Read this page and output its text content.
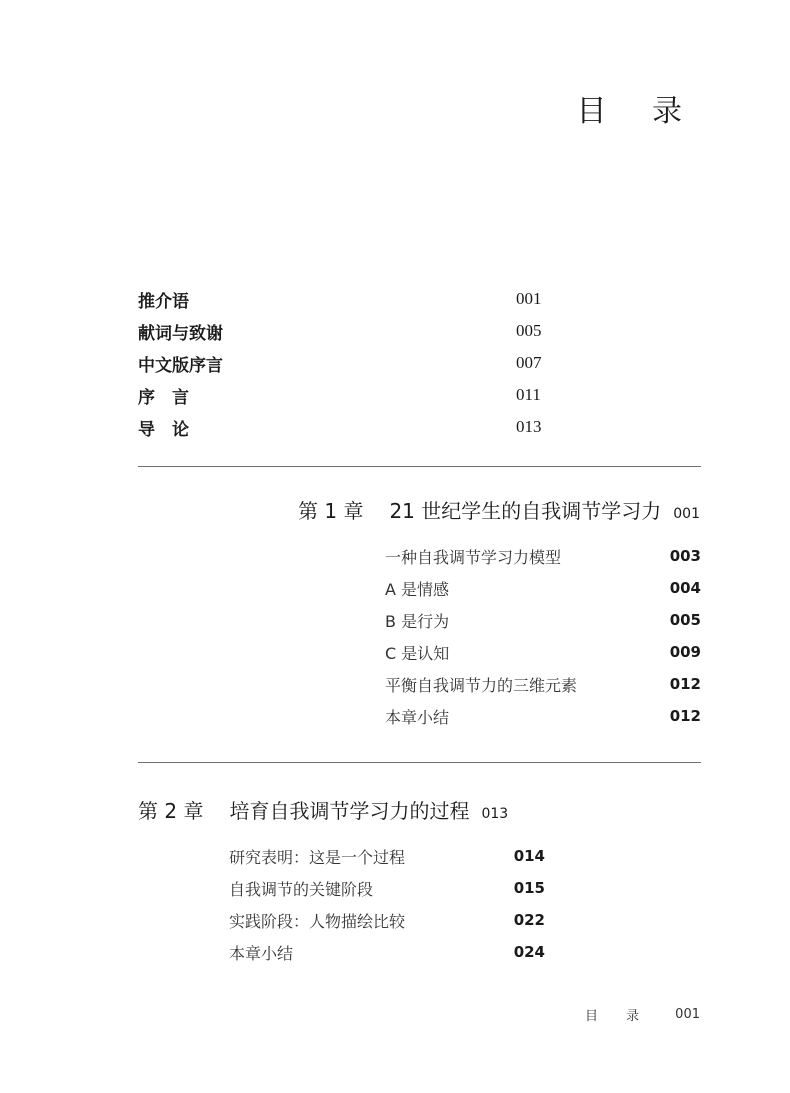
目 录
推介语	001
献词与致谢	005
中文版序言	007
序　言	011
导　论	013
第 1 章 21 世纪学生的自我调节学习力 001
一种自我调节学习力模型	003
A 是情感	004
B 是行为	005
C 是认知	009
平衡自我调节力的三维元素	012
本章小结	012
第 2 章 培育自我调节学习力的过程 013
研究表明：这是一个过程	014
自我调节的关键阶段	015
实践阶段：人物描绘比较	022
本章小结	024
目 录 001
